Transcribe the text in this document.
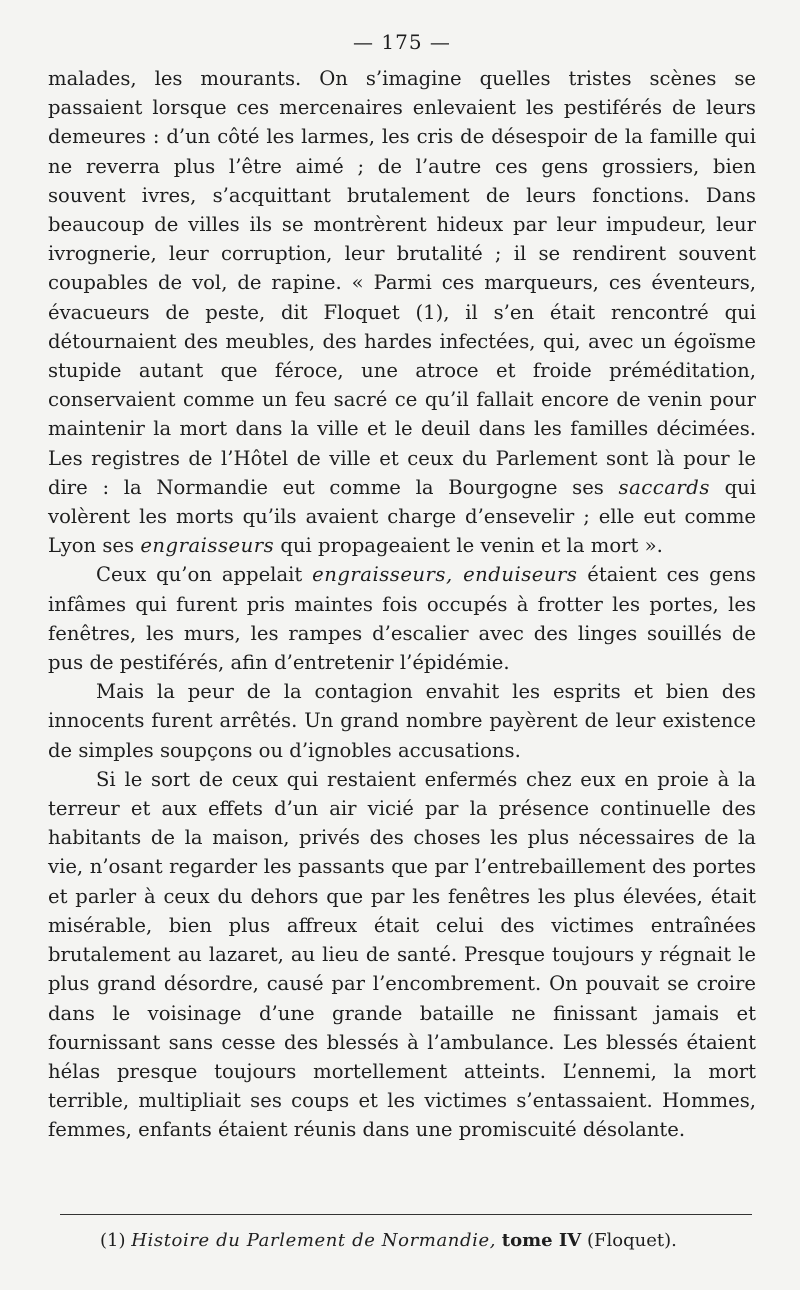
— 175 —

malades, les mourants. On s’imagine quelles tristes scènes se passaient lorsque ces mercenaires enlevaient les pestiférés de leurs demeures : d’un côté les larmes, les cris de désespoir de la famille qui ne reverra plus l’être aimé ; de l’autre ces gens grossiers, bien souvent ivres, s’acquittant brutalement de leurs fonctions. Dans beaucoup de villes ils se montrèrent hideux par leur impudeur, leur ivrognerie, leur corruption, leur brutalité ; il se rendirent souvent coupables de vol, de rapine. « Parmi ces marqueurs, ces éventeurs, évacueurs de peste, dit Floquet (1), il s’en était rencontré qui détournaient des meubles, des hardes infectées, qui, avec un égoïsme stupide autant que féroce, une atroce et froide préméditation, conservaient comme un feu sacré ce qu’il fallait encore de venin pour maintenir la mort dans la ville et le deuil dans les familles décimées. Les registres de l’Hôtel de ville et ceux du Parlement sont là pour le dire : la Normandie eut comme la Bourgogne ses saccards qui volèrent les morts qu’ils avaient charge d’ensevelir ; elle eut comme Lyon ses engraisseurs qui propageaient le venin et la mort ».

Ceux qu’on appelait engraisseurs, enduiseurs étaient ces gens infâmes qui furent pris maintes fois occupés à frotter les portes, les fenêtres, les murs, les rampes d’escalier avec des linges souillés de pus de pestiférés, afin d’entretenir l’épidémie.

Mais la peur de la contagion envahit les esprits et bien des innocents furent arrêtés. Un grand nombre payèrent de leur existence de simples soupçons ou d’ignobles accusations.

Si le sort de ceux qui restaient enfermés chez eux en proie à la terreur et aux effets d’un air vicié par la présence continuelle des habitants de la maison, privés des choses les plus nécessaires de la vie, n’osant regarder les passants que par l’entrebaillement des portes et parler à ceux du dehors que par les fenêtres les plus élevées, était misérable, bien plus affreux était celui des victimes entraînées brutalement au lazaret, au lieu de santé. Presque toujours y régnait le plus grand désordre, causé par l’encombrement. On pouvait se croire dans le voisinage d’une grande bataille ne finissant jamais et fournissant sans cesse des blessés à l’ambulance. Les blessés étaient hélas presque toujours mortellement atteints. L’ennemi, la mort terrible, multipliait ses coups et les victimes s’entassaient. Hommes, femmes, enfants étaient réunis dans une promiscuité désolante.

(1) Histoire du Parlement de Normandie, tome IV (Floquet).
